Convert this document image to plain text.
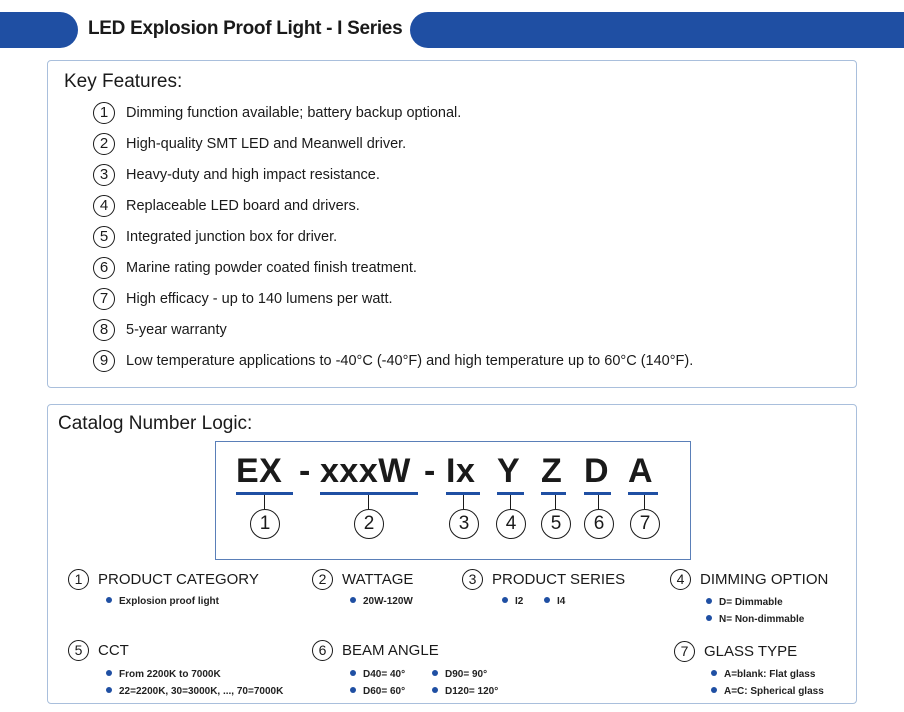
LED Explosion Proof Light - I Series
Key Features:
1	Dimming function available; battery backup optional.
2	High-quality SMT LED and Meanwell driver.
3	Heavy-duty and high impact resistance.
4	Replaceable LED board and drivers.
5	Integrated junction box for driver.
6	Marine rating powder coated finish treatment.
7	High efficacy - up to 140 lumens per watt.
8	5-year warranty
9	Low temperature applications to -40°C (-40°F) and high temperature up to 60°C (140°F).
Catalog Number Logic:
EX
1
- xxxW
2
- Ix
3
Y
4
Z
5
D
6
A
7
1	PRODUCT CATEGORY
Explosion proof light
2	WATTAGE
20W-120W
3	PRODUCT SERIES
I2	I4
4	DIMMING OPTION
D= Dimmable
N= Non-dimmable
5	CCT
From 2200K to 7000K
22=2200K, 30=3000K, ..., 70=7000K
6	BEAM ANGLE
D40= 40°	D90= 90°
D60= 60°	D120= 120°
7	GLASS TYPE
A=blank: Flat glass
A=C: Spherical glass
